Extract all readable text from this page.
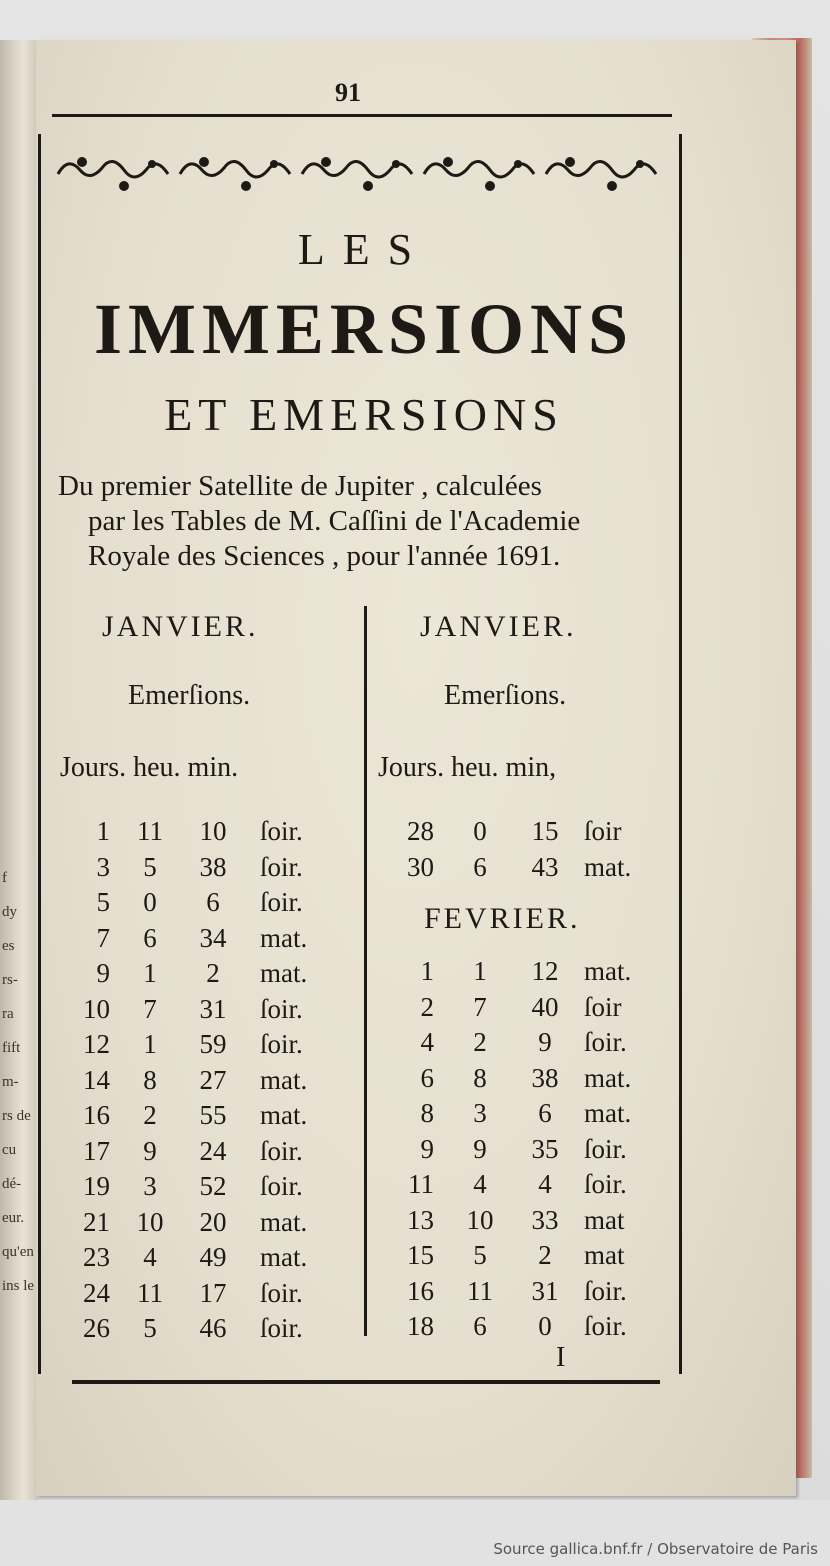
91
LES
IMMERSIONS
ET EMERSIONS
Du premier Satellite de Jupiter , calculées
par les Tables de M. Caſſini de l'Academie
Royale des Sciences , pour l'année 1691.
JANVIER.
Emerſions.
Jours. heu. min.
1 11	10	ſoir.
3	5	38	ſoir.
5	0	6	ſoir.
7	6	34	mat.
9	1	2	mat.
10	7	31	ſoir.
12	1	59	ſoir.
14	8	27	mat.
16	2	55	mat.
17	9	24	ſoir.
19	3	52	ſoir.
21 10	20	mat.
23	4	49	mat.
24 11	17	ſoir.
26	5	46	ſoir.
JANVIER.
Emerſions.
Jours. heu. min,
28	0	15 ſoir
30	6	43 mat.
FEVRIER.
1	1	12 mat.
2	7	40 ſoir
4	2	9	ſoir.
6	8	38 mat.
8	3	6	mat.
9	9	35 ſoir.
11	4	4	ſoir.
13 10	33 mat
15	5	2	mat
16 11	31 ſoir.
18	6	0	ſoir.
I
f
dy
es
rs-
ra
fift
m-
rs de
cu
dé-
eur.
qu'en
ins le
Source gallica.bnf.fr / Observatoire de Paris
